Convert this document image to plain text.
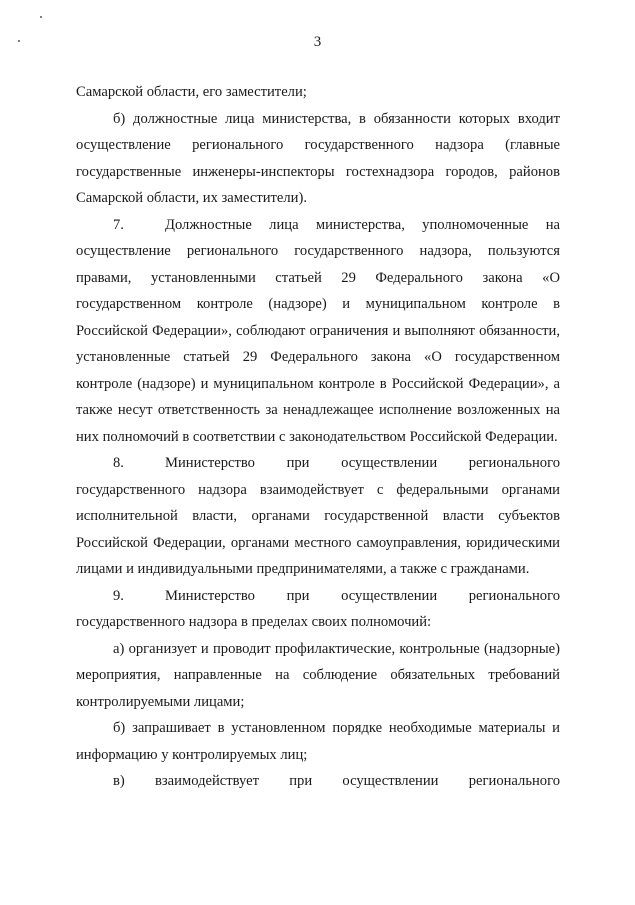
3

Самарской области, его заместители;

б) должностные лица министерства, в обязанности которых входит осуществление регионального государственного надзора (главные государственные инженеры-инспекторы гостехнадзора городов, районов Самарской области, их заместители).

7.	Должностные лица министерства, уполномоченные на осуществление регионального государственного надзора, пользуются правами, установленными статьей 29 Федерального закона «О государственном контроле (надзоре) и муниципальном контроле в Российской Федерации», соблюдают ограничения и выполняют обязанности, установленные статьей 29 Федерального закона «О государственном контроле (надзоре) и муниципальном контроле в Российской Федерации», а также несут ответственность за ненадлежащее исполнение возложенных на них полномочий в соответствии с законодательством Российской Федерации.

8.	Министерство при осуществлении регионального государственного надзора взаимодействует с федеральными органами исполнительной власти, органами государственной власти субъектов Российской Федерации, органами местного самоуправления, юридическими лицами и индивидуальными предпринимателями, а также с гражданами.

9.	Министерство при осуществлении регионального государственного надзора в пределах своих полномочий:

а) организует и проводит профилактические, контрольные (надзорные) мероприятия, направленные на соблюдение обязательных требований контролируемыми лицами;

б) запрашивает в установленном порядке необходимые материалы и информацию у контролируемых лиц;

в) взаимодействует при осуществлении регионального
